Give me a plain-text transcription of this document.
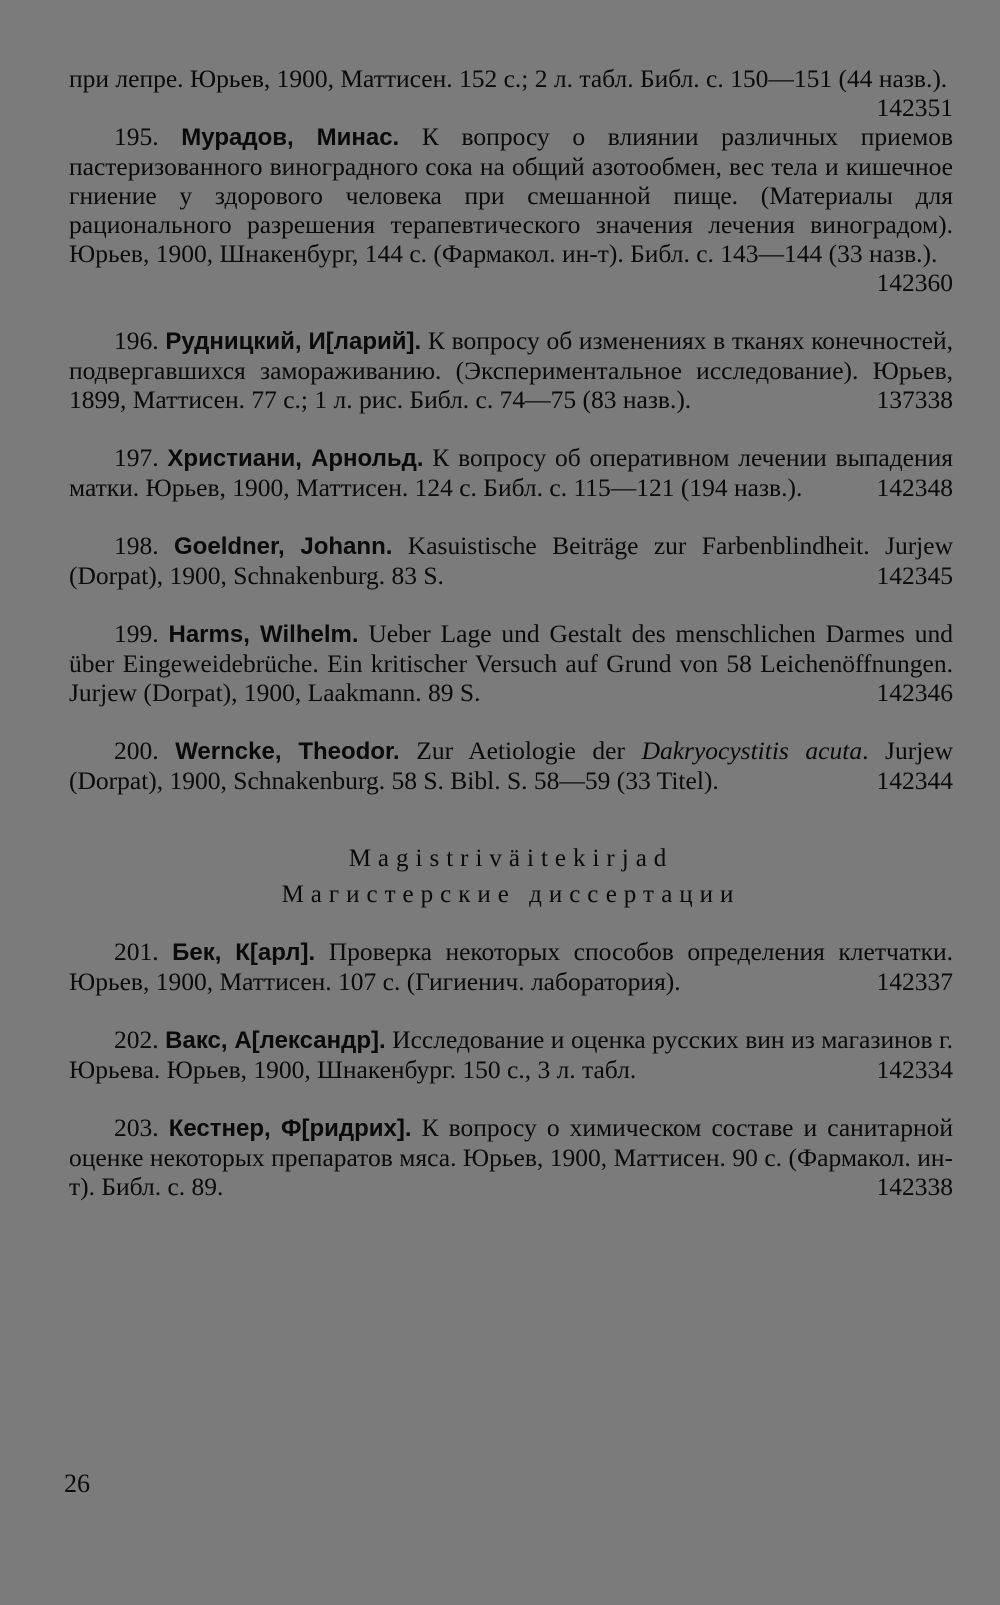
при лепре. Юрьев, 1900, Маттисен. 152 с.; 2 л. табл. Библ. с. 150—151 (44 назв.).
142351
195. Мурадов, Минас. К вопросу о влиянии различных приемов пастеризованного виноградного сока на общий азотообмен, вес тела и кишечное гниение у здорового человека при смешанной пище. (Материалы для рационального разрешения терапевтического значения лечения виноградом). Юрьев, 1900, Шнакенбург, 144 с. (Фармакол. ин-т). Библ. с. 143—144 (33 назв.).
142360
196. Рудницкий, И[ларий]. К вопросу об изменениях в тканях конечностей, подвергавшихся замораживанию. (Экспериментальное исследование). Юрьев, 1899, Маттисен. 77 с.; 1 л. рис. Библ. с. 74—75 (83 назв.).	137338
197. Христиани, Арнольд. К вопросу об оперативном лечении выпадения матки. Юрьев, 1900, Маттисен. 124 с. Библ. с. 115—121 (194 назв.).	142348
198. Goeldner, Johann. Kasuistische Beiträge zur Farbenblindheit. Jurjew (Dorpat), 1900, Schnakenburg. 83 S.	142345
199. Harms, Wilhelm. Ueber Lage und Gestalt des menschlichen Darmes und über Eingeweidebrüche. Ein kritischer Versuch auf Grund von 58 Leichenöffnungen. Jurjew (Dorpat), 1900, Laakmann. 89 S.	142346
200. Werncke, Theodor. Zur Aetiologie der Dakryocystitis acuta. Jurjew (Dorpat), 1900, Schnakenburg. 58 S. Bibl. S. 58—59 (33 Titel).	142344
Magistriväitekirjad
Магистерские диссертации
201. Бек, К[арл]. Проверка некоторых способов определения клетчатки. Юрьев, 1900, Маттисен. 107 с. (Гигиенич. лаборатория).	142337
202. Вакс, А[лександр]. Исследование и оценка русских вин из магазинов г. Юрьева. Юрьев, 1900, Шнакенбург. 150 с., 3 л. табл.	142334
203. Кестнер, Ф[ридрих]. К вопросу о химическом составе и санитарной оценке некоторых препаратов мяса. Юрьев, 1900, Маттисен. 90 с. (Фармакол. ин-т). Библ. с. 89.	142338
26
